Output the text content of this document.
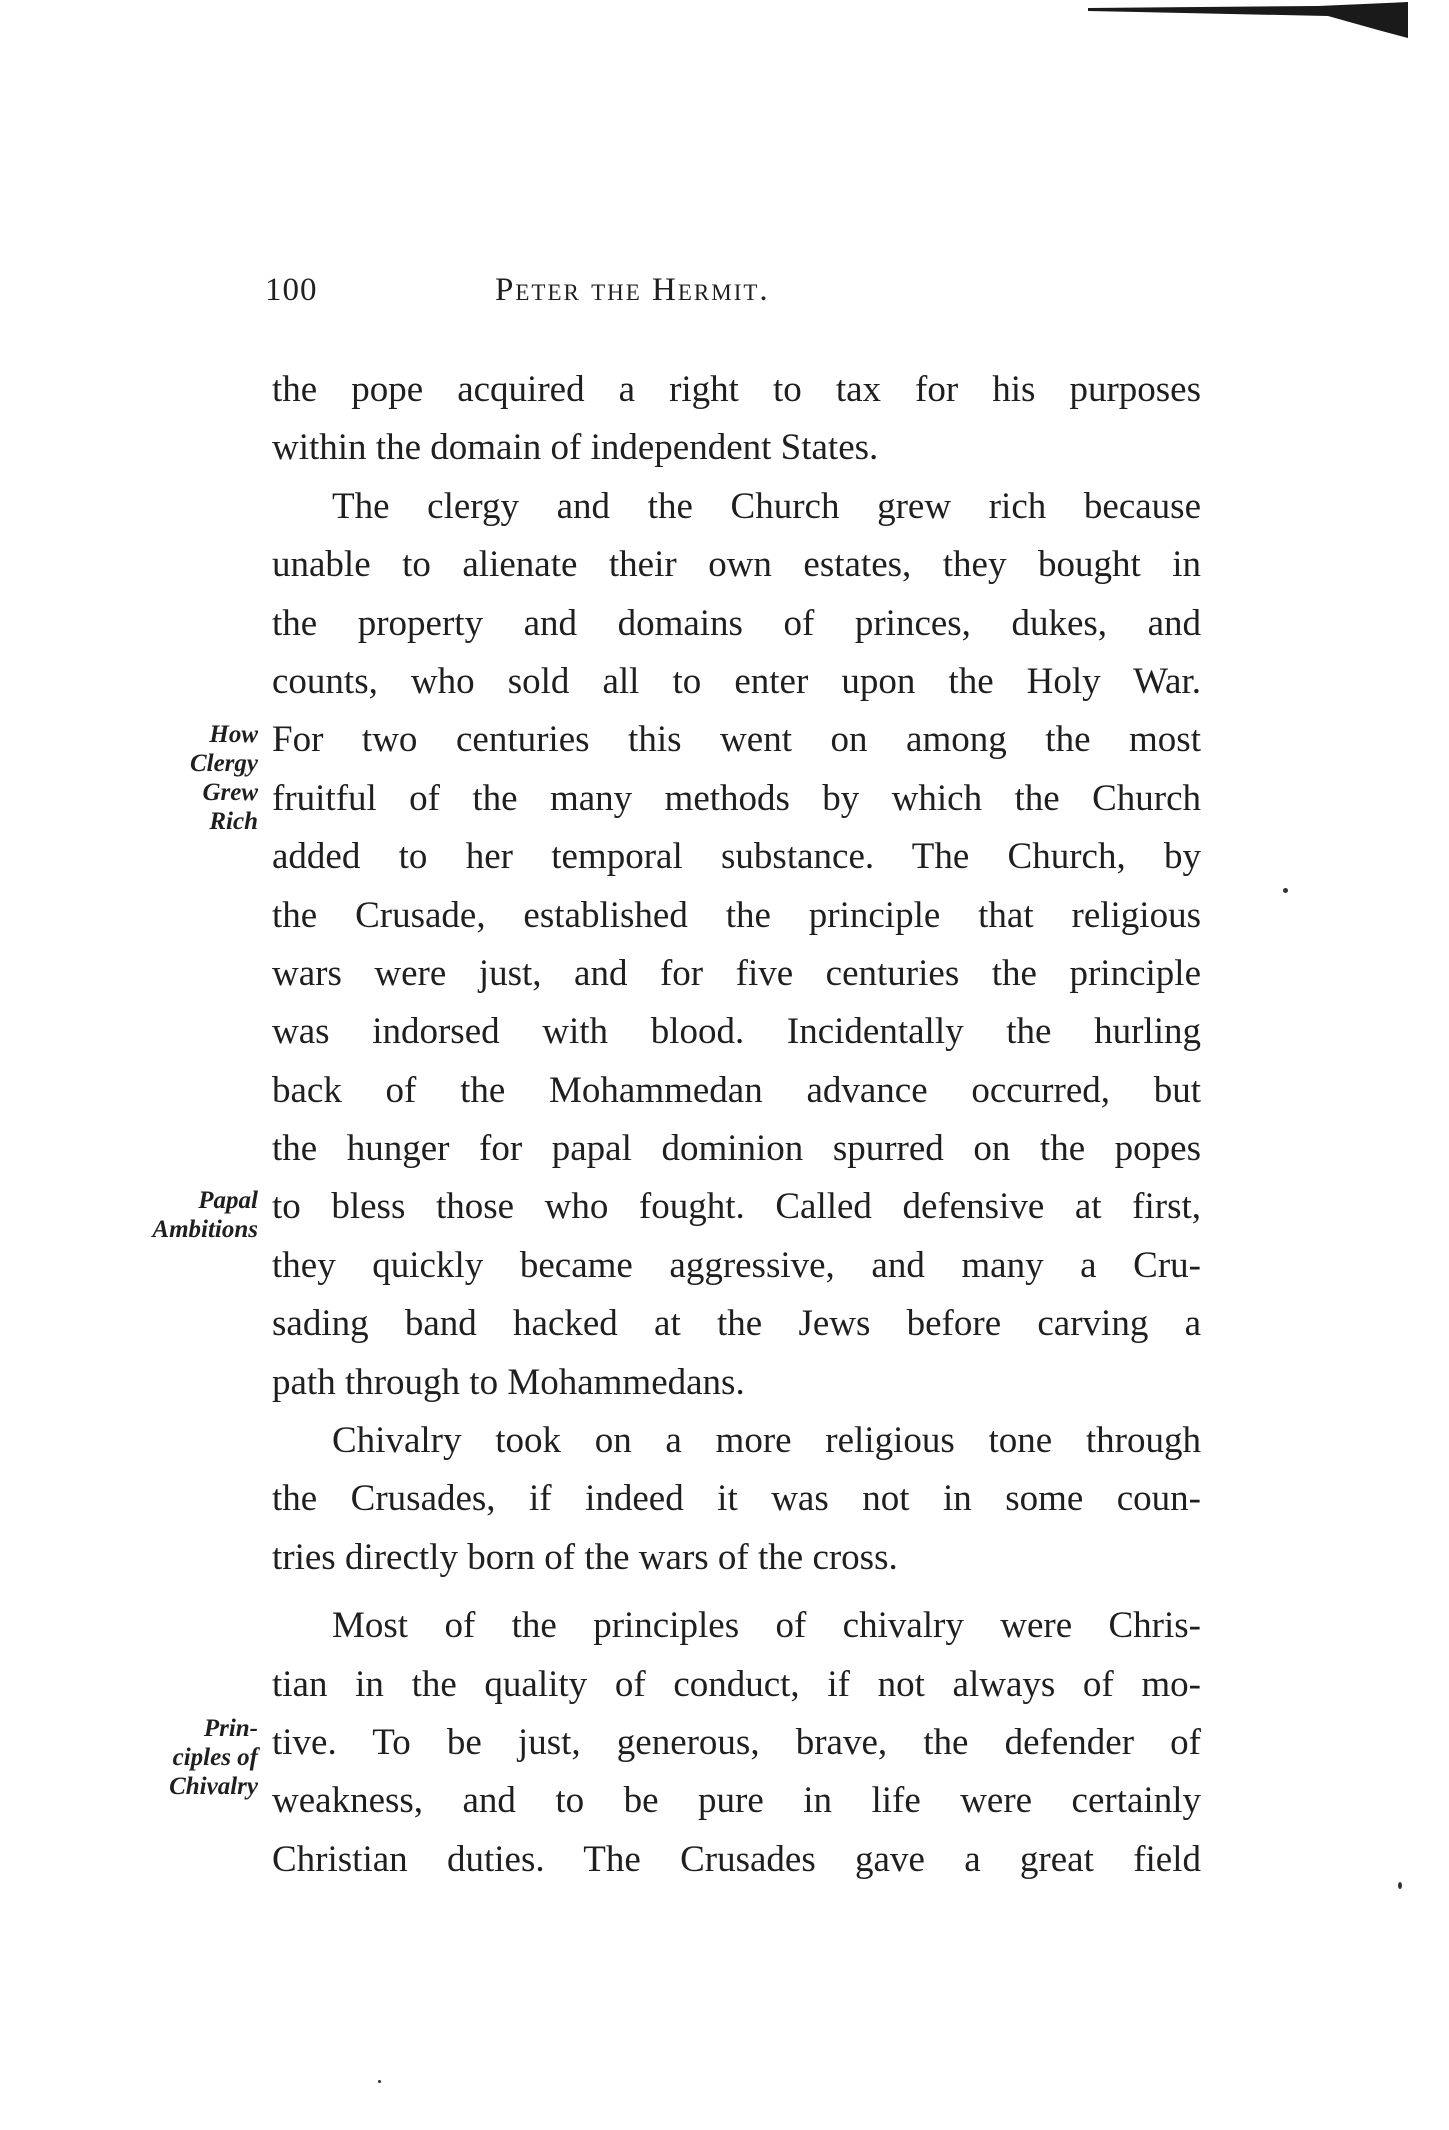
100	Peter the Hermit.
the pope acquired a right to tax for his purposes
within the domain of independent States.
The clergy and the Church grew rich because
unable to alienate their own estates, they bought in
the property and domains of princes, dukes, and
counts, who sold all to enter upon the Holy War.
For two centuries this went on among the most
fruitful of the many methods by which the Church
added to her temporal substance. The Church, by
the Crusade, established the principle that religious
wars were just, and for five centuries the principle
was indorsed with blood. Incidentally the hurling
back of the Mohammedan advance occurred, but
the hunger for papal dominion spurred on the popes
to bless those who fought. Called defensive at first,
they quickly became aggressive, and many a Cru-
sading band hacked at the Jews before carving a
path through to Mohammedans.
Chivalry took on a more religious tone through
the Crusades, if indeed it was not in some coun-
tries directly born of the wars of the cross.
Most of the principles of chivalry were Chris-
tian in the quality of conduct, if not always of mo-
tive. To be just, generous, brave, the defender of
weakness, and to be pure in life were certainly
Christian duties. The Crusades gave a great field
How
Clergy
Grew
Rich
Papal
Ambitions
Prin-
ciples of
Chivalry
